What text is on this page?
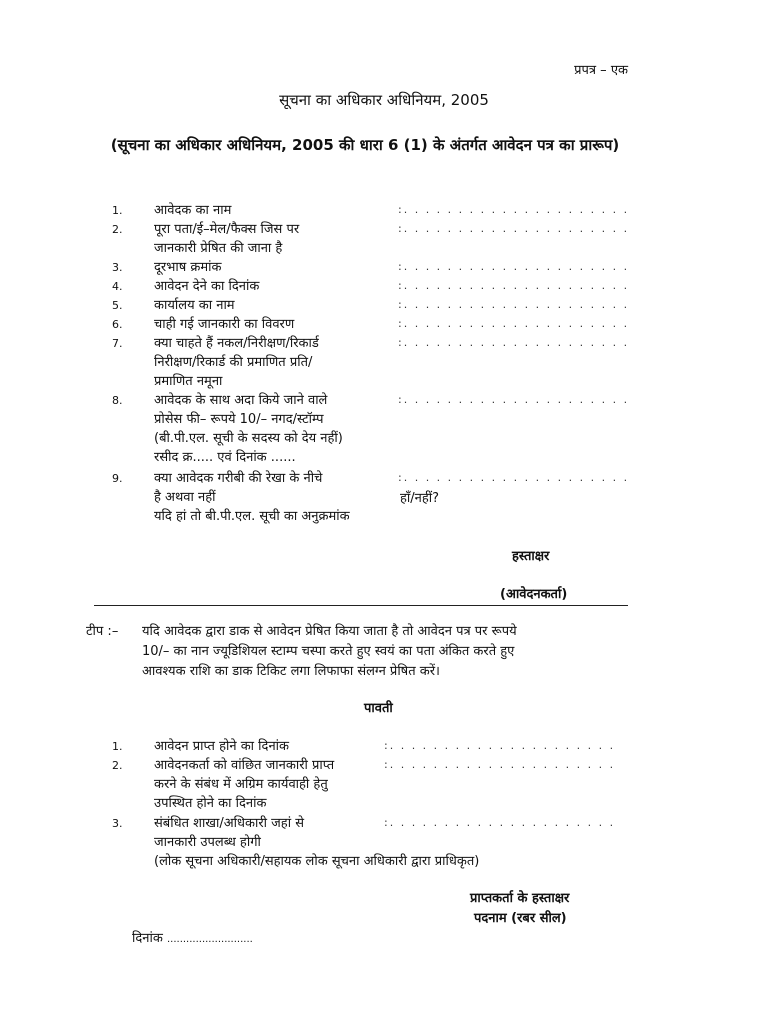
प्रपत्र – एक
सूचना का अधिकार अधिनियम, 2005
(सूचना का अधिकार अधिनियम, 2005 की धारा 6 (1) के अंतर्गत आवेदन पत्र का प्रारूप)
1. आवेदक का नाम	:. . . . . . . . . . . . . . . . . . . . .
2. पूरा पता/ई–मेल/फैक्स जिस पर
जानकारी प्रेषित की जाना है
:. . . . . . . . . . . . . . . . . . . . .
3. दूरभाष क्रमांक	:. . . . . . . . . . . . . . . . . . . . .
4. आवेदन देने का दिनांक	:. . . . . . . . . . . . . . . . . . . . .
5. कार्यालय का नाम	:. . . . . . . . . . . . . . . . . . . . .
6. चाही गई जानकारी का विवरण	:. . . . . . . . . . . . . . . . . . . . .
7. क्या चाहते हैं नकल/निरीक्षण/रिकार्ड
निरीक्षण/रिकार्ड की प्रमाणित प्रति/
प्रमाणित नमूना
:. . . . . . . . . . . . . . . . . . . . .
8. आवेदक के साथ अदा किये जाने वाले
प्रोसेस फी– रूपये 10/– नगद/स्टॉम्प
(बी.पी.एल. सूची के सदस्य को देय नहीं)
रसीद क्र..... एवं दिनांक ......
:. . . . . . . . . . . . . . . . . . . . .
9. क्या आवेदक गरीबी की रेखा के नीचे
है अथवा नहीं
यदि हां तो बी.पी.एल. सूची का अनुक्रमांक
:. . . . . . . . . . . . . . . . . . . . .
हाँ/नहीं?
हस्ताक्षर
(आवेदनकर्ता)
टीप :– यदि आवेदक द्वारा डाक से आवेदन प्रेषित किया जाता है तो आवेदन पत्र पर रूपये
10/– का नान ज्यूडिशियल स्टाम्प चस्पा करते हुए स्वयं का पता अंकित करते हुए
आवश्यक राशि का डाक टिकिट लगा लिफाफा संलग्न प्रेषित करें।
पावती
1. आवेदन प्राप्त होने का दिनांक	:. . . . . . . . . . . . . . . . . . . . .
2. आवेदनकर्ता को वांछित जानकारी प्राप्त
करने के संबंध में अग्रिम कार्यवाही हेतु
उपस्थित होने का दिनांक
:. . . . . . . . . . . . . . . . . . . . .
3. संबंधित शाखा/अधिकारी जहां से
जानकारी उपलब्ध होगी
(लोक सूचना अधिकारी/सहायक लोक सूचना अधिकारी द्वारा प्राधिकृत)
:. . . . . . . . . . . . . . . . . . . . .
प्राप्तकर्ता के हस्ताक्षर
पदनाम (रबर सील)
दिनांक ...........................
